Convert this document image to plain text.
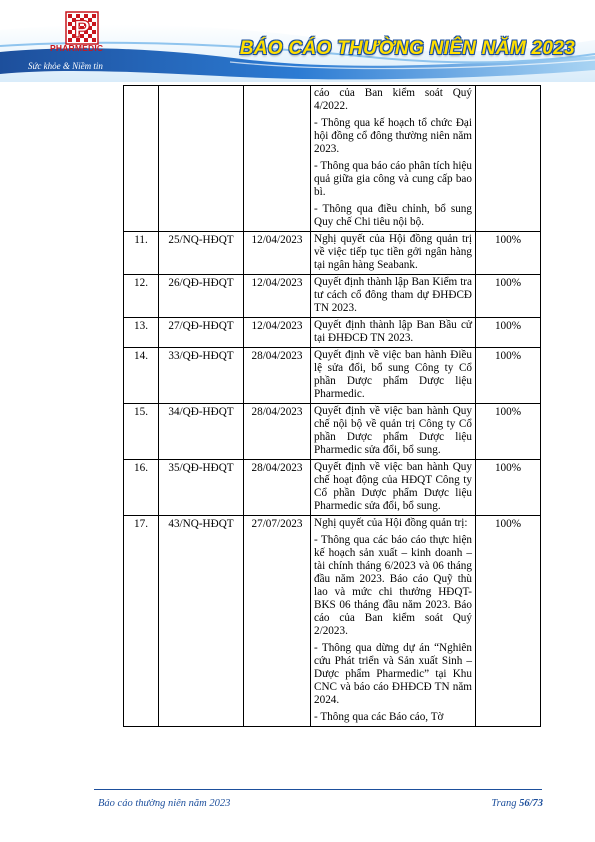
P
PHARMEDIC
Sức khỏe & Niềm tin
BÁO CÁO THƯỜNG NIÊN NĂM 2023

			cáo của Ban kiểm soát Quý 4/2022.

- Thông qua kế hoạch tổ chức Đại hội đồng cổ đông thường niên năm 2023.

- Thông qua báo cáo phân tích hiệu quả giữa gia công và cung cấp bao bì.

- Thông qua điều chỉnh, bổ sung Quy chế Chi tiêu nội bộ.	

11.	25/NQ-HĐQT	12/04/2023	Nghị quyết của Hội đồng quản trị về việc tiếp tục tiền gởi ngân hàng tại ngân hàng Seabank.	100%
12.	26/QĐ-HĐQT	12/04/2023	Quyết định thành lập Ban Kiểm tra tư cách cổ đông tham dự ĐHĐCĐ TN 2023.	100%
13.	27/QĐ-HĐQT	12/04/2023	Quyết định thành lập Ban Bầu cử tại ĐHĐCĐ TN 2023.	100%
14.	33/QĐ-HĐQT	28/04/2023	Quyết định về việc ban hành Điều lệ sửa đổi, bổ sung Công ty Cổ phần Dược phẩm Dược liệu Pharmedic.	100%
15.	34/QĐ-HĐQT	28/04/2023	Quyết định về việc ban hành Quy chế nội bộ về quản trị Công ty Cổ phần Dược phẩm Dược liệu Pharmedic sửa đổi, bổ sung.	100%
16.	35/QĐ-HĐQT	28/04/2023	Quyết định về việc ban hành Quy chế hoạt động của HĐQT Công ty Cổ phần Dược phẩm Dược liệu Pharmedic sửa đổi, bổ sung.	100%
17.	43/NQ-HĐQT	27/07/2023	Nghị quyết của Hội đồng quản trị:

- Thông qua các báo cáo thực hiện kế hoạch sản xuất – kinh doanh – tài chính tháng 6/2023 và 06 tháng đầu năm 2023. Báo cáo Quỹ thù lao và mức chi thưởng HĐQT-BKS 06 tháng đầu năm 2023. Báo cáo của Ban kiểm soát Quý 2/2023.

- Thông qua dừng dự án “Nghiên cứu Phát triển và Sản xuất Sinh – Dược phẩm Pharmedic” tại Khu CNC và báo cáo ĐHĐCĐ TN năm 2024.

- Thông qua các Báo cáo, Tờ	100%
Báo cáo thường niên năm 2023	Trang 56/73
